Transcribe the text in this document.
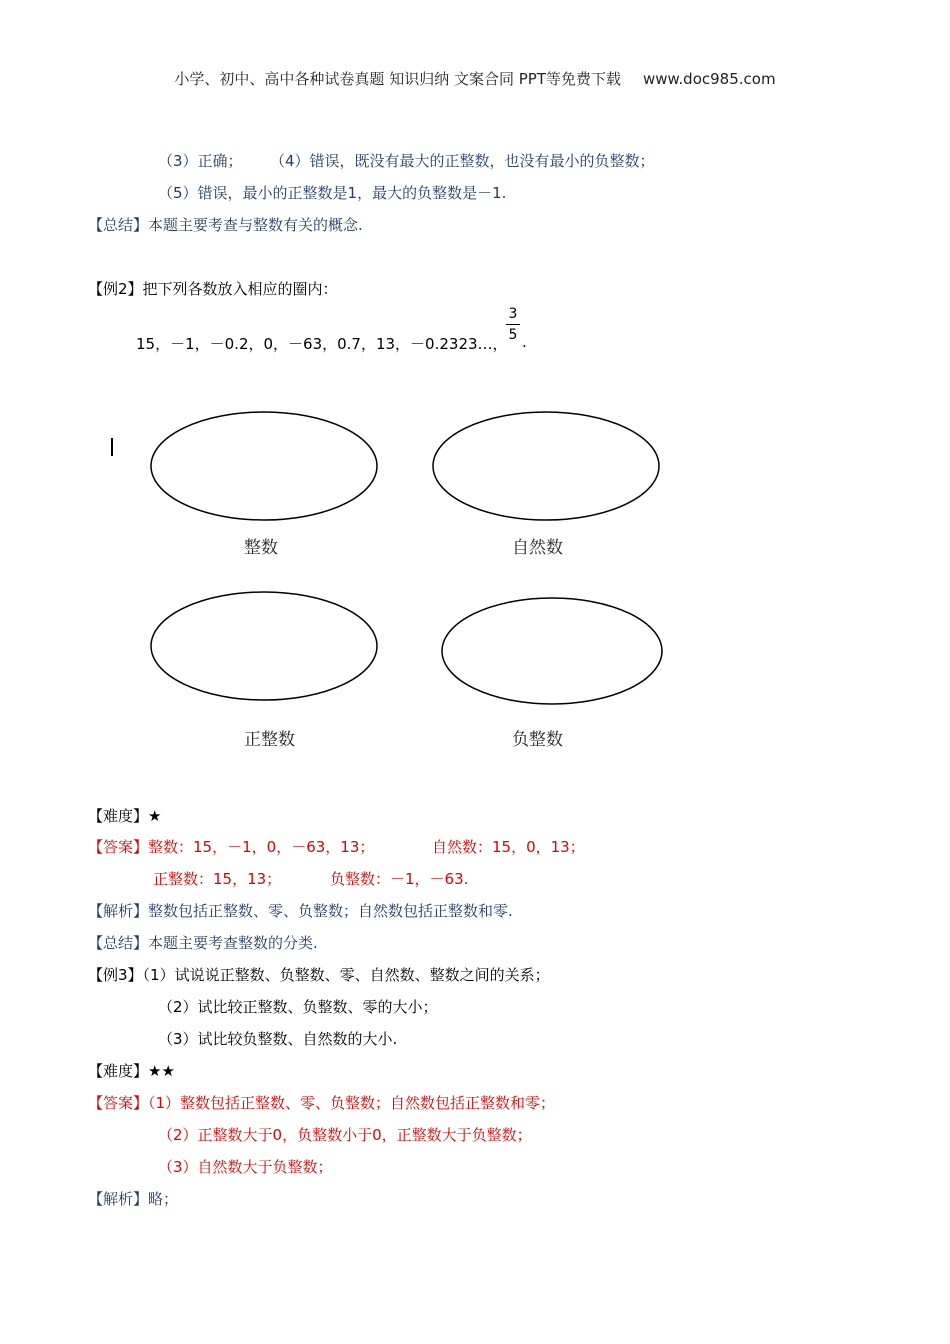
小学、初中、高中各种试卷真题 知识归纳 文案合同 PPT等免费下载 www.doc985.com
（3）正确； （4）错误，既没有最大的正整数，也没有最小的负整数；
（5）错误，最小的正整数是1，最大的负整数是－1.
【总结】本题主要考查与整数有关的概念.
【例2】把下列各数放入相应的圈内：
15，－1，－0.2，0，－63，0.7，13，－0.2323…，
3
5 .
整数	自然数
正整数	负整数
【难度】★
【答案】整数：15，－1，0，－63，13；	自然数：15，0，13；
正整数：15，13；	负整数：－1，－63.
【解析】整数包括正整数、零、负整数；自然数包括正整数和零.
【总结】本题主要考查整数的分类.
【例3】（1）试说说正整数、负整数、零、自然数、整数之间的关系；
（2）试比较正整数、负整数、零的大小；
（3）试比较负整数、自然数的大小.
【难度】★★
【答案】（1）整数包括正整数、零、负整数；自然数包括正整数和零；
（2）正整数大于0，负整数小于0，正整数大于负整数；
（3）自然数大于负整数；
【解析】略；
